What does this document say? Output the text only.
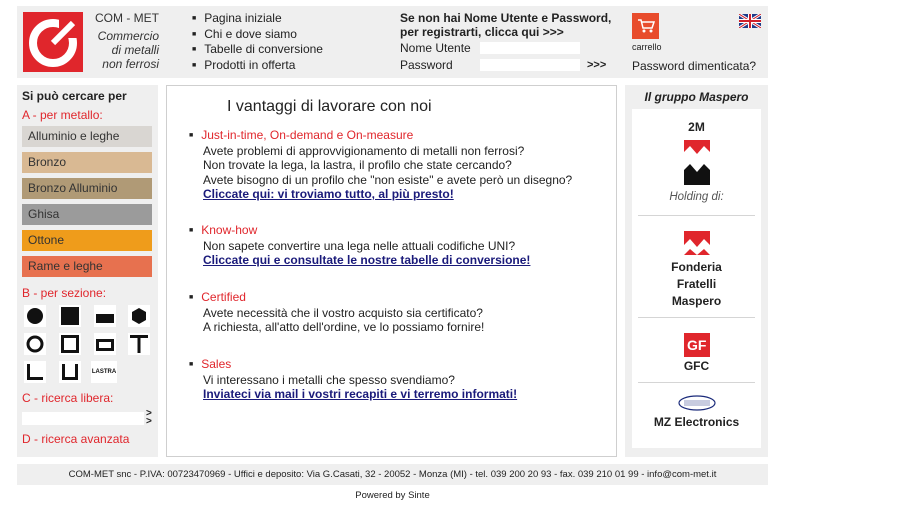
COM - MET
Commercio
di metalli
non ferrosi
■ Pagina iniziale
■ Chi e dove siamo
■ Tabelle di conversione
■ Prodotti in offerta
Se non hai Nome Utente e Password,
per registrarti, clicca qui >>>
Nome Utente
Password	>>>
carrello
Password dimenticata?
Si può cercare per
A - per metallo:
Alluminio e leghe
Bronzo
Bronzo Alluminio
Ghisa
Ottone
Rame e leghe
B - per sezione:
LASTRA
C - ricerca libera:
>
>
D - ricerca avanzata
I vantaggi di lavorare con noi
■ Just-in-time, On-demand e On-measure

Avete problemi di approvvigionamento di metalli non ferrosi?

Non trovate la lega, la lastra, il profilo che state cercando?

Avete bisogno di un profilo che "non esiste" e avete però un disegno?

Cliccate qui: vi troviamo tutto, al più presto!
■ Know-how

Non sapete convertire una lega nelle attuali codifiche UNI?

Cliccate qui e consultate le nostre tabelle di conversione!
■ Certified

Avete necessità che il vostro acquisto sia certificato?

A richiesta, all'atto dell'ordine, ve lo possiamo fornire!

■ Sales

Vi interessano i metalli che spesso svendiamo?

Inviateci via mail i vostri recapiti e vi terremo informati!
Il gruppo Maspero
2M
Holding di:
Fonderia
Fratelli
Maspero
GF
GFC
MZ Electronics
COM-MET snc - P.IVA: 00723470969 - Uffici e deposito: Via G.Casati, 32 - 20052 - Monza (MI) - tel. 039 200 20 93 - fax. 039 210 01 99 - info@com-met.it
Powered by Sinte
